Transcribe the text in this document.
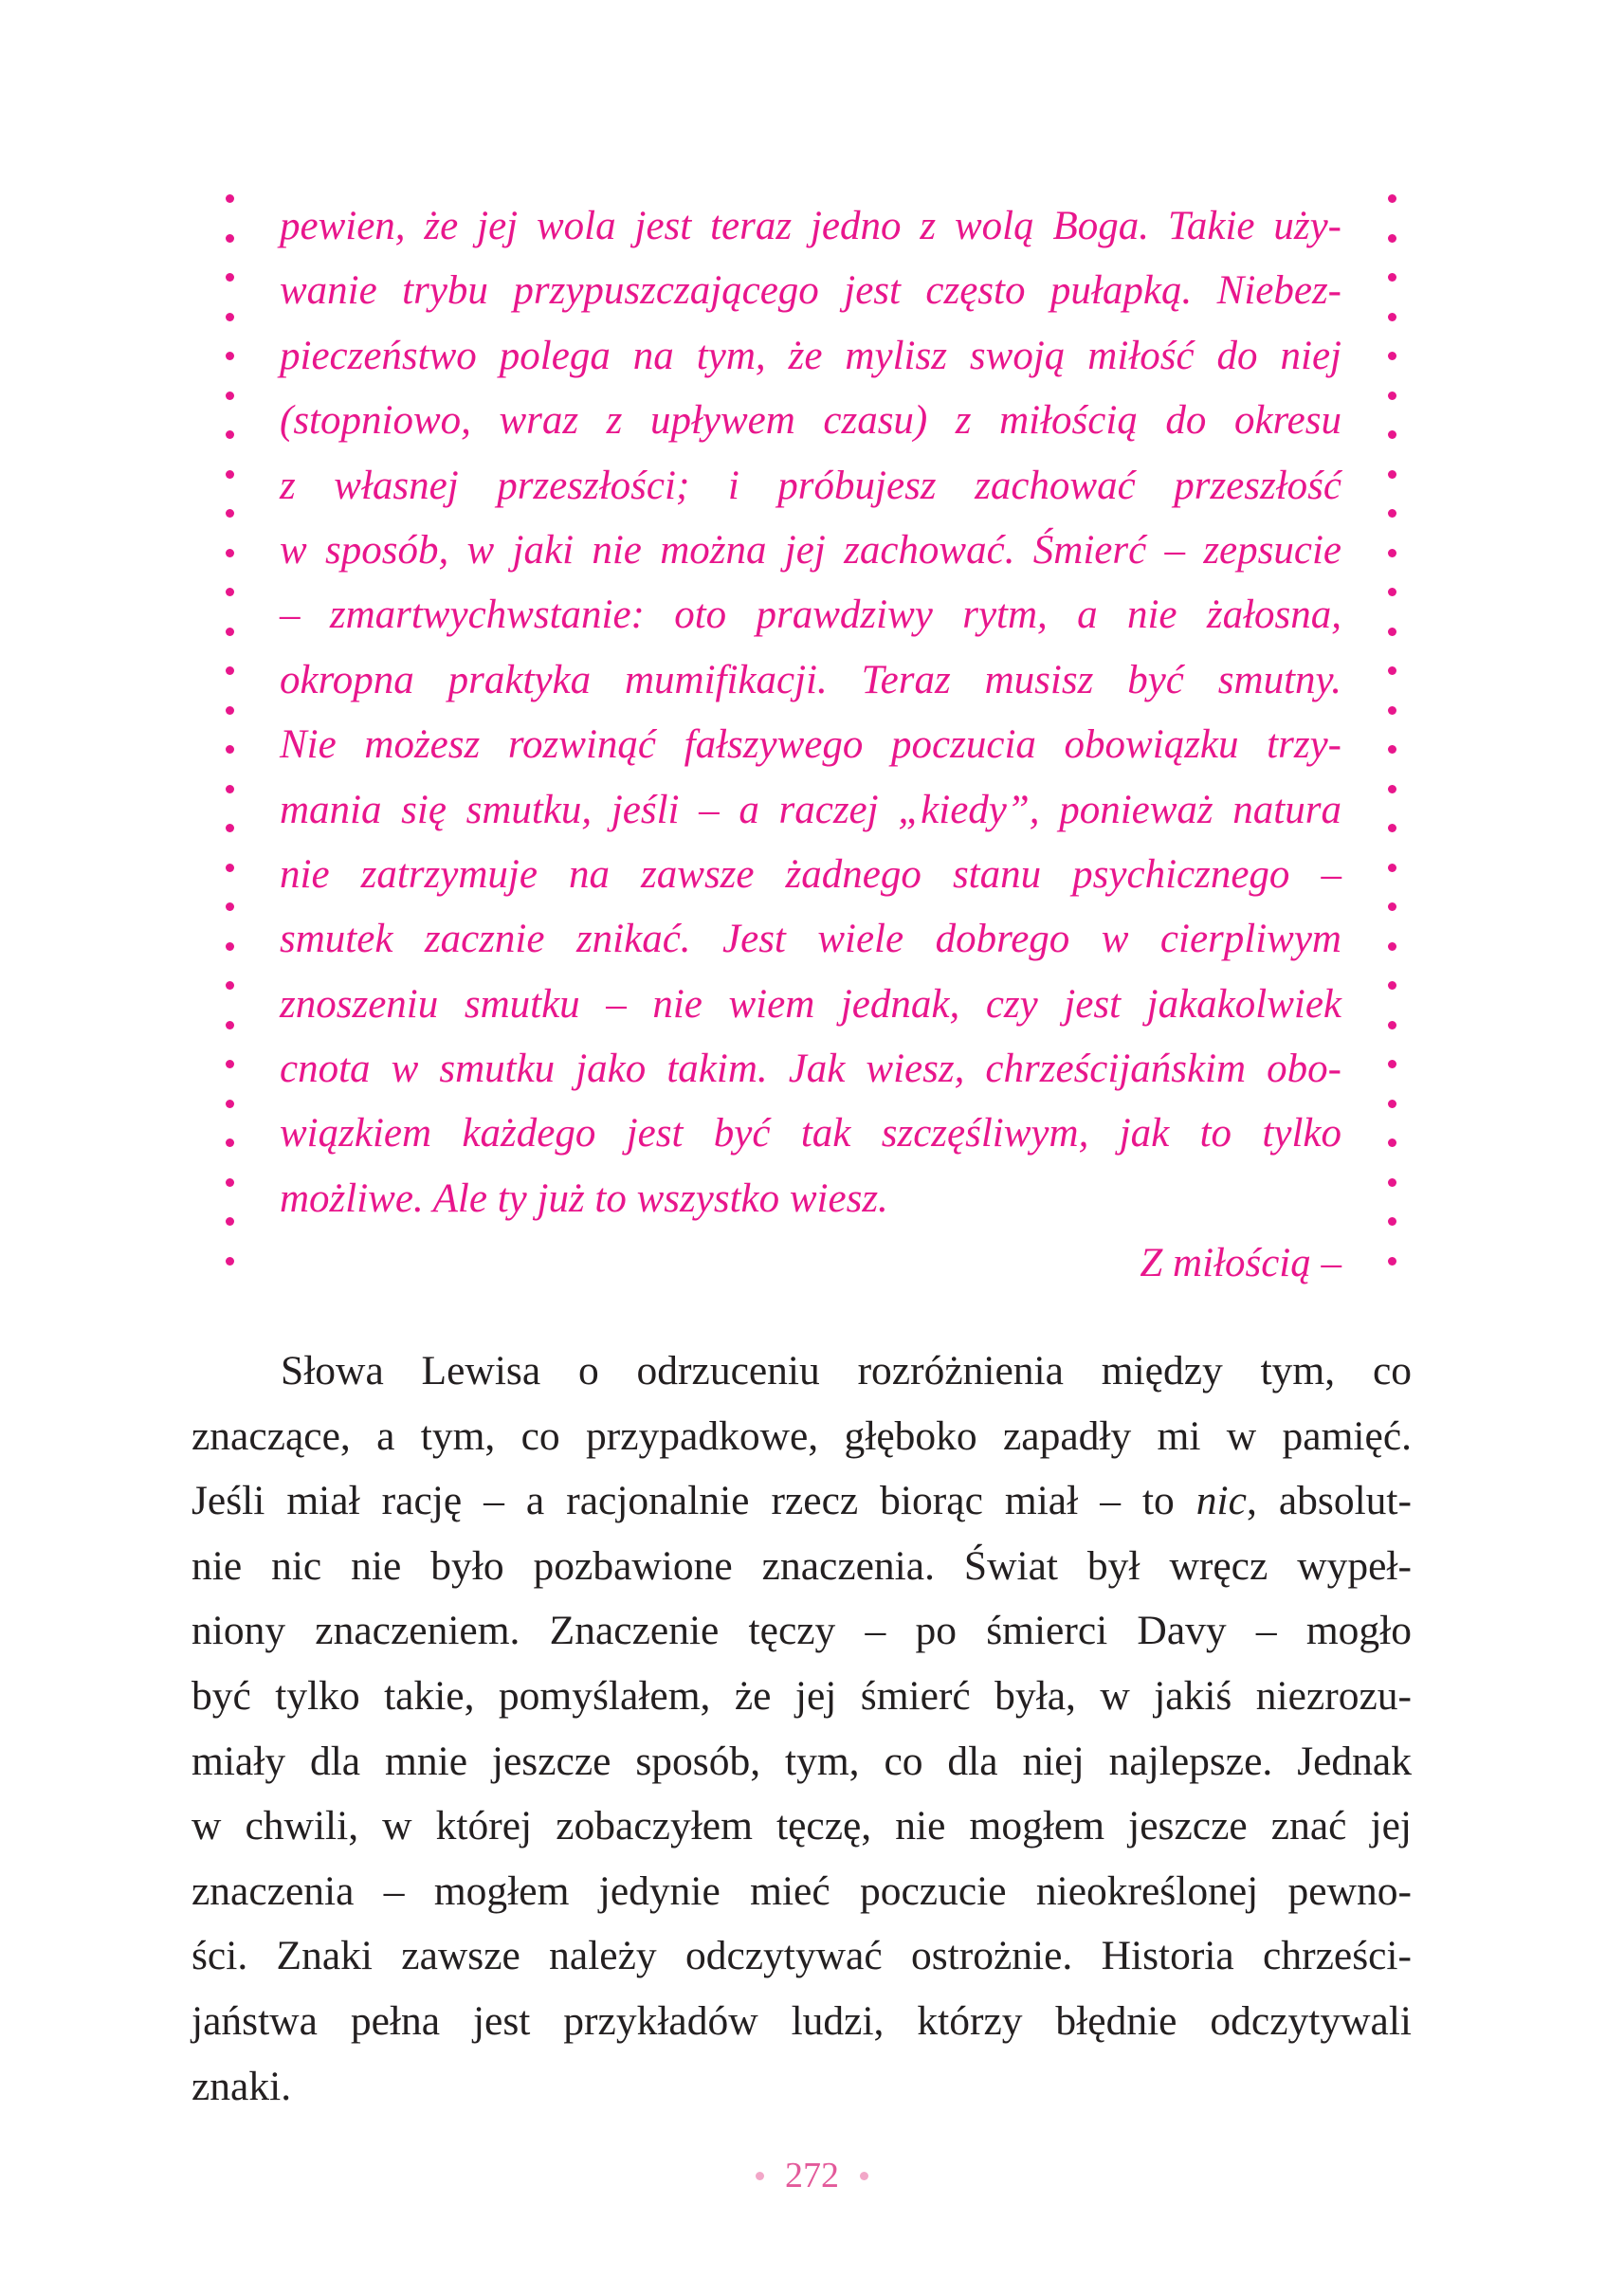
pewien, że jej wola jest teraz jedno z wolą Boga. Takie uży-
wanie trybu przypuszczającego jest często pułapką. Niebez-
pieczeństwo polega na tym, że mylisz swoją miłość do niej
(stopniowo, wraz z upływem czasu) z miłością do okresu
z własnej przeszłości; i próbujesz zachować przeszłość
w sposób, w jaki nie można jej zachować. Śmierć – zepsucie
– zmartwychwstanie: oto prawdziwy rytm, a nie żałosna,
okropna praktyka mumifikacji. Teraz musisz być smutny.
Nie możesz rozwinąć fałszywego poczucia obowiązku trzy-
mania się smutku, jeśli – a raczej „kiedy”, ponieważ natura
nie zatrzymuje na zawsze żadnego stanu psychicznego –
smutek zacznie znikać. Jest wiele dobrego w cierpliwym
znoszeniu smutku – nie wiem jednak, czy jest jakakolwiek
cnota w smutku jako takim. Jak wiesz, chrześcijańskim obo-
wiązkiem każdego jest być tak szczęśliwym, jak to tylko
możliwe. Ale ty już to wszystko wiesz.
Z miłością –
Słowa Lewisa o odrzuceniu rozróżnienia między tym, co
znaczące, a tym, co przypadkowe, głęboko zapadły mi w pamięć.
Jeśli miał rację – a racjonalnie rzecz biorąc miał – to nic, absolut-
nie nic nie było pozbawione znaczenia. Świat był wręcz wypeł-
niony znaczeniem. Znaczenie tęczy – po śmierci Davy – mogło
być tylko takie, pomyślałem, że jej śmierć była, w jakiś niezrozu-
miały dla mnie jeszcze sposób, tym, co dla niej najlepsze. Jednak
w chwili, w której zobaczyłem tęczę, nie mogłem jeszcze znać jej
znaczenia – mogłem jedynie mieć poczucie nieokreślonej pewno-
ści. Znaki zawsze należy odczytywać ostrożnie. Historia chrześci-
jaństwa pełna jest przykładów ludzi, którzy błędnie odczytywali
znaki.
272
